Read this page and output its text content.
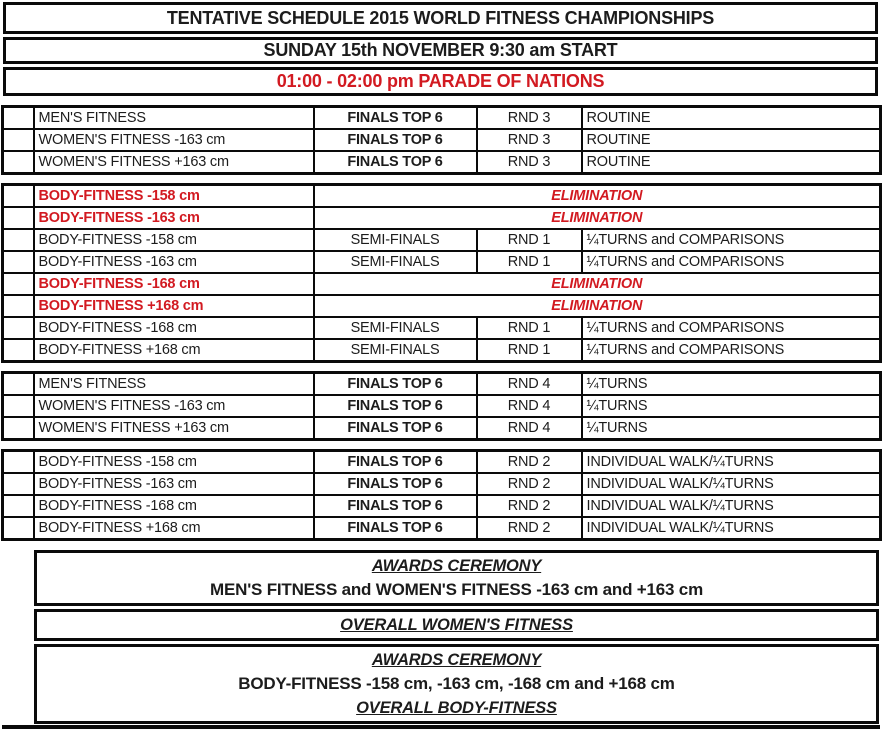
TENTATIVE SCHEDULE 2015 WORLD FITNESS CHAMPIONSHIPS
SUNDAY 15th NOVEMBER 9:30 am START
01:00 - 02:00 pm PARADE OF NATIONS
	MEN'S FITNESS	FINALS TOP 6	RND 3	ROUTINE
	WOMEN'S FITNESS -163 cm	FINALS TOP 6	RND 3	ROUTINE
	WOMEN'S FITNESS +163 cm	FINALS TOP 6	RND 3	ROUTINE
	BODY-FITNESS -158 cm	ELIMINATION		
	BODY-FITNESS -163 cm	ELIMINATION		
	BODY-FITNESS -158 cm	SEMI-FINALS	RND 1	¼TURNS and COMPARISONS
	BODY-FITNESS -163 cm	SEMI-FINALS	RND 1	¼TURNS and COMPARISONS
	BODY-FITNESS -168 cm	ELIMINATION		
	BODY-FITNESS +168 cm	ELIMINATION		
	BODY-FITNESS -168 cm	SEMI-FINALS	RND 1	¼TURNS and COMPARISONS
	BODY-FITNESS +168 cm	SEMI-FINALS	RND 1	¼TURNS and COMPARISONS
	MEN'S FITNESS	FINALS TOP 6	RND 4	¼TURNS
	WOMEN'S FITNESS -163 cm	FINALS TOP 6	RND 4	¼TURNS
	WOMEN'S FITNESS +163 cm	FINALS TOP 6	RND 4	¼TURNS
	BODY-FITNESS -158 cm	FINALS TOP 6	RND 2	INDIVIDUAL WALK/¼TURNS
	BODY-FITNESS -163 cm	FINALS TOP 6	RND 2	INDIVIDUAL WALK/¼TURNS
	BODY-FITNESS -168 cm	FINALS TOP 6	RND 2	INDIVIDUAL WALK/¼TURNS
	BODY-FITNESS +168 cm	FINALS TOP 6	RND 2	INDIVIDUAL WALK/¼TURNS
AWARDS CEREMONY
MEN'S FITNESS and WOMEN'S FITNESS -163 cm and +163 cm
OVERALL WOMEN'S FITNESS
AWARDS CEREMONY
BODY-FITNESS -158 cm, -163 cm, -168 cm and +168 cm
OVERALL BODY-FITNESS
